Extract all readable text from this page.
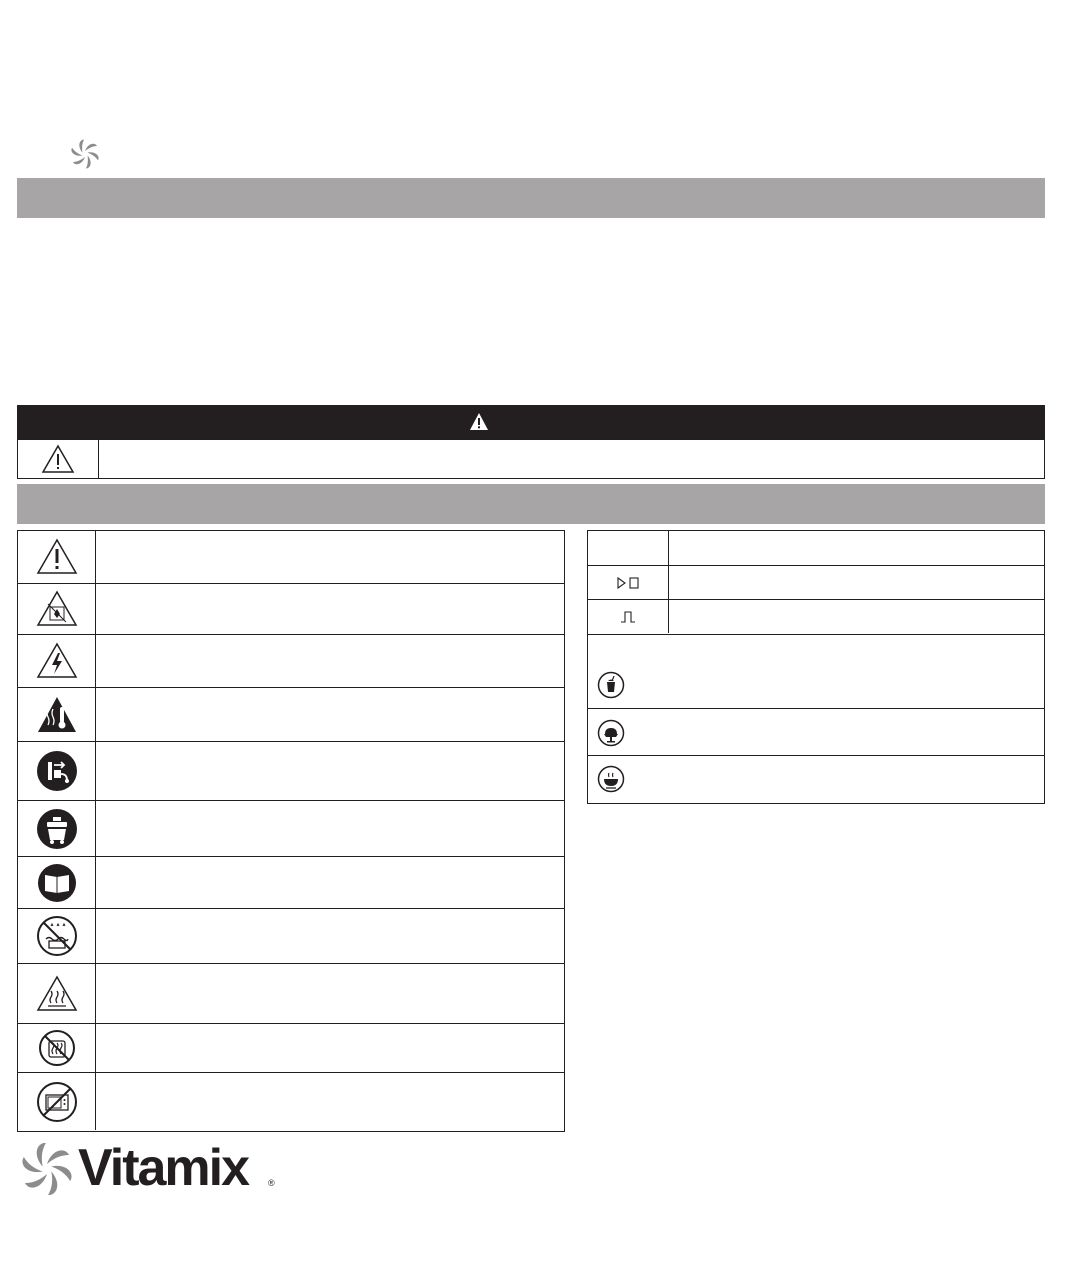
Vitamix ®
